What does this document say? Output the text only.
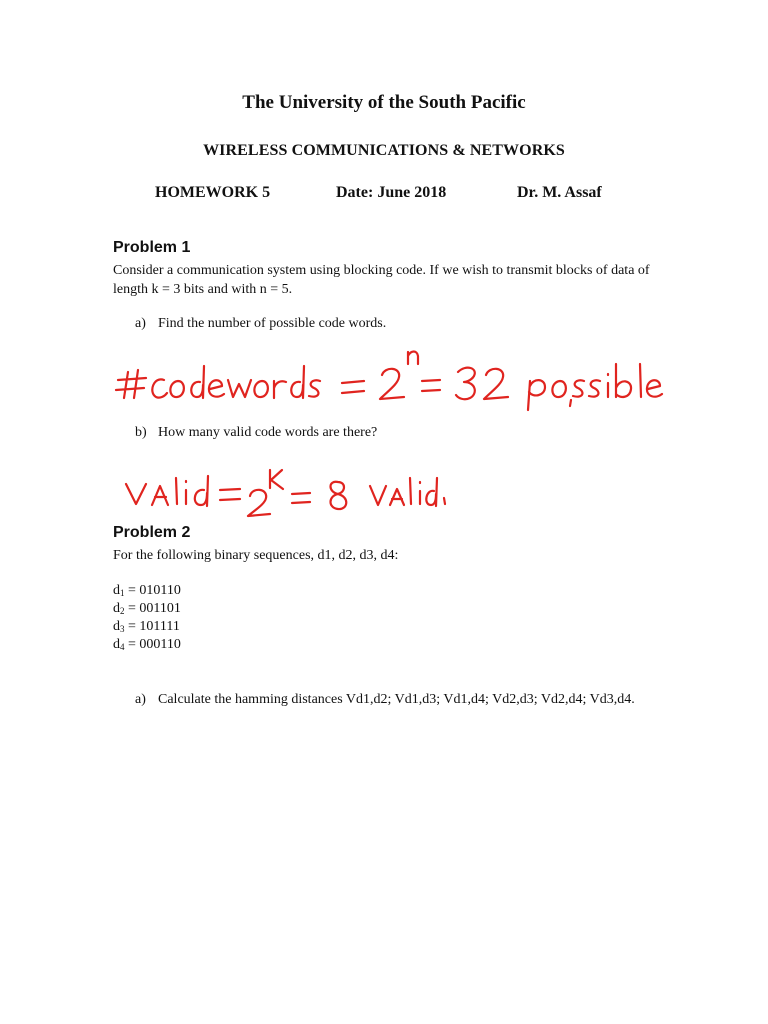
The University of the South Pacific
WIRELESS COMMUNICATIONS & NETWORKS
HOMEWORK 5	Date: June 2018	Dr. M. Assaf
Problem 1
Consider a communication system using blocking code. If we wish to transmit blocks of data of length k = 3 bits and with n = 5.
a) Find the number of possible code words.
b) How many valid code words are there?
Problem 2
For the following binary sequences, d1, d2, d3, d4:
$d_1 = 010110$
$d_2 = 001101$
$d_3 = 101111$
$d_4 = 000110$
a) Calculate the hamming distances Vd1,d2; Vd1,d3; Vd1,d4; Vd2,d3; Vd2,d4; Vd3,d4.
